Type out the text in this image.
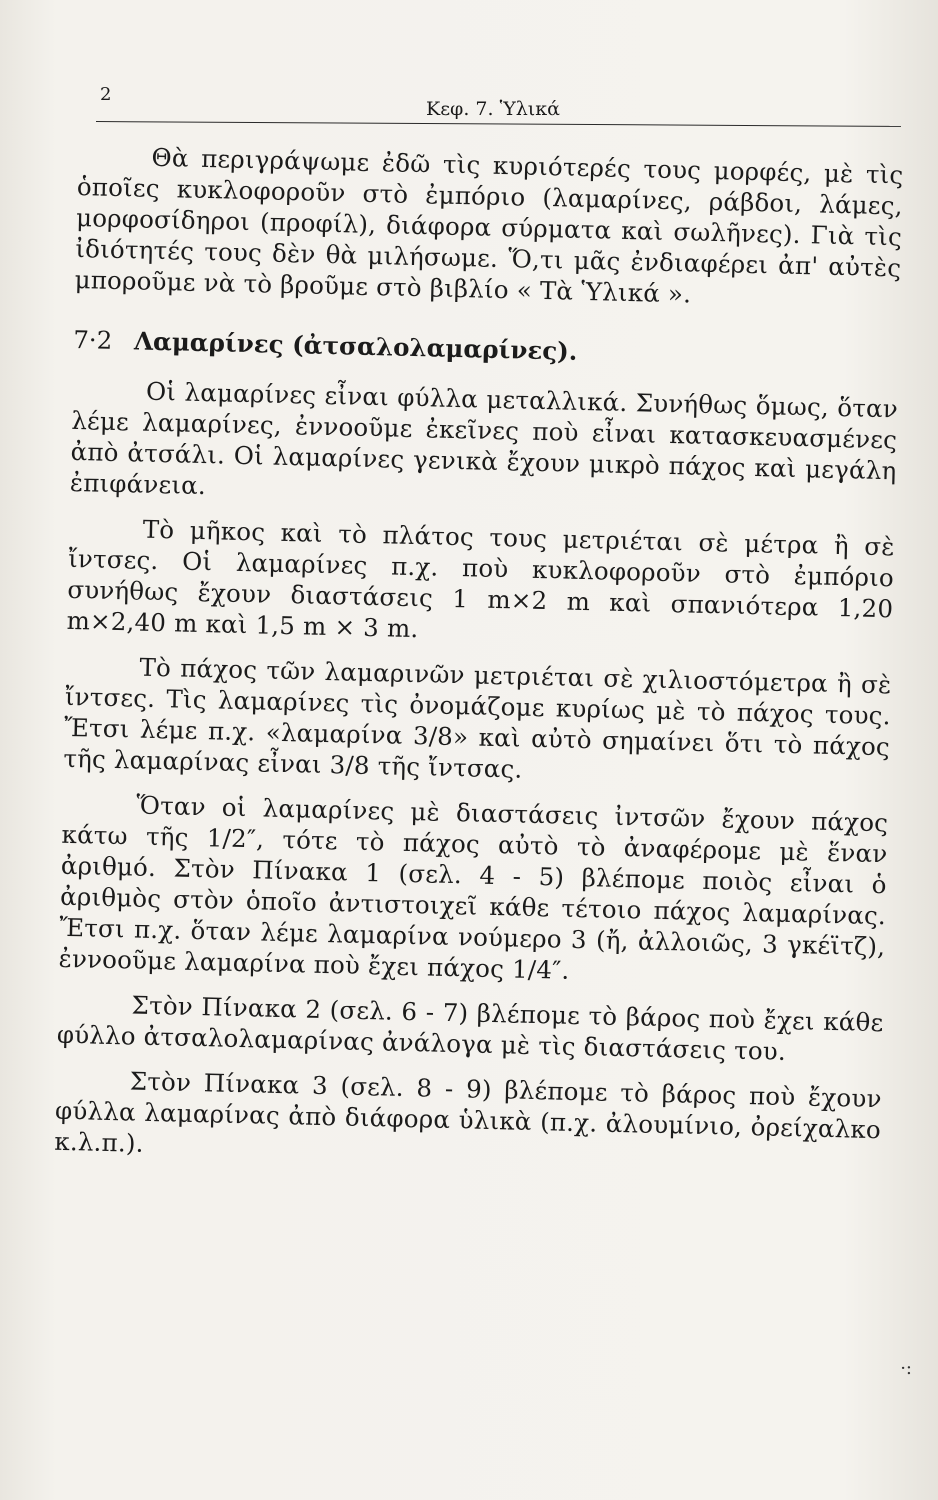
2
Κεφ. 7. Ὑλικά

Θὰ περιγράψωμε ἐδῶ τὶς κυριότερές τους μορφές, μὲ τὶς ὁποῖες κυκλοφοροῦν στὸ ἐμπόριο (λαμαρίνες, ράβδοι, λάμες, μορφοσίδηροι (προφίλ), διάφορα σύρματα καὶ σωλῆνες). Γιὰ τὶς ἰδιότητές τους δὲν θὰ μιλήσωμε. Ὅ,τι μᾶς ἐνδιαφέρει ἀπ' αὐτὲς μποροῦμε νὰ τὸ βροῦμε στὸ βιβλίο « Τὰ Ὑλικά ».

7·2 Λαμαρίνες (ἀτσαλολαμαρίνες).

Οἱ λαμαρίνες εἶναι φύλλα μεταλλικά. Συνήθως ὅμως, ὅταν λέμε λαμαρίνες, ἐννοοῦμε ἐκεῖνες ποὺ εἶναι κατασκευασμένες ἀπὸ ἀτσάλι. Οἱ λαμαρίνες γενικὰ ἔχουν μικρὸ πάχος καὶ μεγάλη ἐπιφάνεια.

Τὸ μῆκος καὶ τὸ πλάτος τους μετριέται σὲ μέτρα ἢ σὲ ἴντσες. Οἱ λαμαρίνες π.χ. ποὺ κυκλοφοροῦν στὸ ἐμπόριο συνήθως ἔχουν διαστάσεις 1 m×2 m καὶ σπανιότερα 1,20 m×2,40 m καὶ 1,5 m × 3 m.

Τὸ πάχος τῶν λαμαρινῶν μετριέται σὲ χιλιοστόμετρα ἢ σὲ ἴντσες. Τὶς λαμαρίνες τὶς ὀνομάζομε κυρίως μὲ τὸ πάχος τους. Ἔτσι λέμε π.χ. «λαμαρίνα 3/8» καὶ αὐτὸ σημαίνει ὅτι τὸ πάχος τῆς λαμαρίνας εἶναι 3/8 τῆς ἴντσας.

Ὅταν οἱ λαμαρίνες μὲ διαστάσεις ἰντσῶν ἔχουν πάχος κάτω τῆς 1/2″, τότε τὸ πάχος αὐτὸ τὸ ἀναφέρομε μὲ ἕναν ἀριθμό. Στὸν Πίνακα 1 (σελ. 4 - 5) βλέπομε ποιὸς εἶναι ὁ ἀριθμὸς στὸν ὁποῖο ἀντιστοιχεῖ κάθε τέτοιο πάχος λαμαρίνας. Ἔτσι π.χ. ὅταν λέμε λαμαρίνα νούμερο 3 (ἤ, ἀλλοιῶς, 3 γκέϊτζ), ἐννοοῦμε λαμαρίνα ποὺ ἔχει πάχος 1/4″.

Στὸν Πίνακα 2 (σελ. 6 - 7) βλέπομε τὸ βάρος ποὺ ἔχει κάθε φύλλο ἀτσαλολαμαρίνας ἀνάλογα μὲ τὶς διαστάσεις του.

Στὸν Πίνακα 3 (σελ. 8 - 9) βλέπομε τὸ βάρος ποὺ ἔχουν φύλλα λαμαρίνας ἀπὸ διάφορα ὑλικὰ (π.χ. ἀλουμίνιο, ὀρείχαλκο κ.λ.π.).

·:
